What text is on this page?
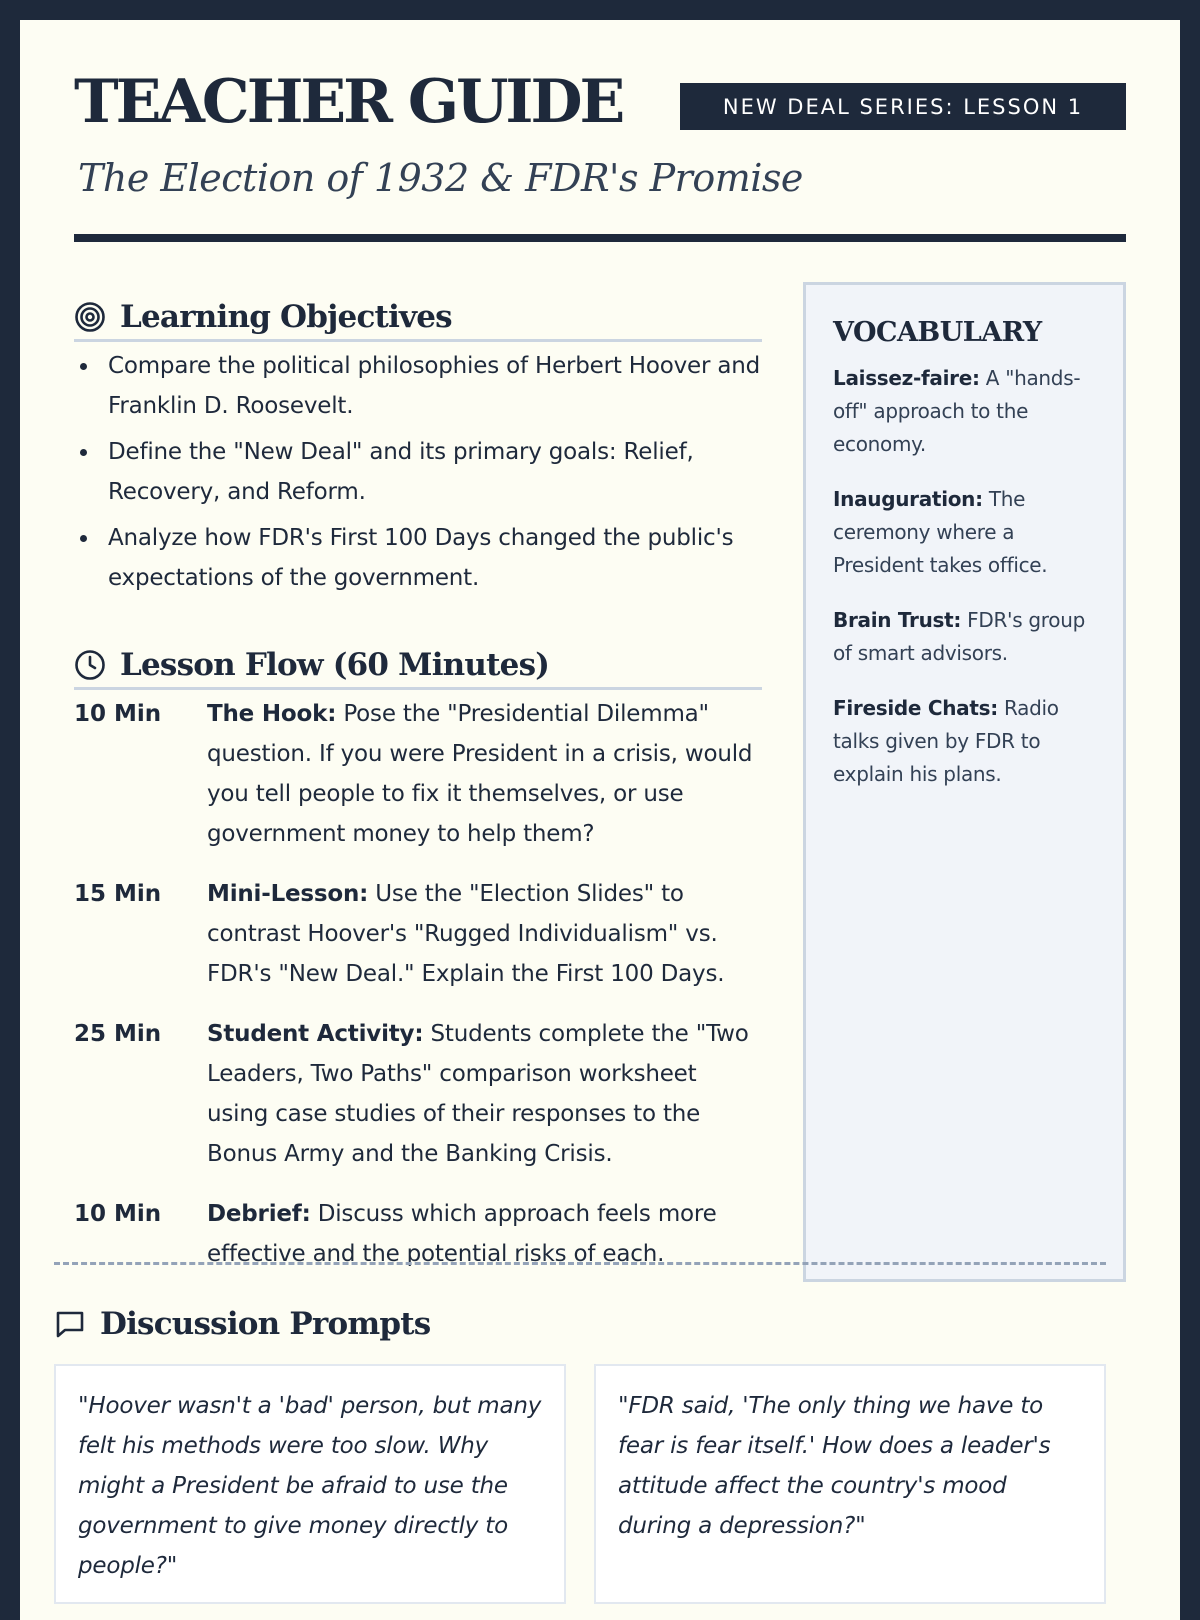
TEACHER GUIDE	NEW DEAL SERIES: LESSON 1
The Election of 1932 & FDR's Promise
Learning Objectives
Compare the political philosophies of Herbert Hoover and Franklin D. Roosevelt.
Define the "New Deal" and its primary goals: Relief, Recovery, and Reform.
Analyze how FDR's First 100 Days changed the public's expectations of the government.
Lesson Flow (60 Minutes)
10 Min	The Hook: Pose the "Presidential Dilemma" question. If you were President in a crisis, would you tell people to fix it themselves, or use government money to help them?
15 Min	Mini-Lesson: Use the "Election Slides" to contrast Hoover's "Rugged Individualism" vs. FDR's "New Deal." Explain the First 100 Days.
25 Min	Student Activity: Students complete the "Two Leaders, Two Paths" comparison worksheet using case studies of their responses to the Bonus Army and the Banking Crisis.
10 Min	Debrief: Discuss which approach feels more effective and the potential risks of each.
VOCABULARY
Laissez-faire: A "hands-off" approach to the economy.
Inauguration: The ceremony where a President takes office.
Brain Trust: FDR's group of smart advisors.
Fireside Chats: Radio talks given by FDR to explain his plans.
Discussion Prompts
"Hoover wasn't a 'bad' person, but many felt his methods were too slow. Why might a President be afraid to use the government to give money directly to people?"
"FDR said, 'The only thing we have to fear is fear itself.' How does a leader's attitude affect the country's mood during a depression?"
